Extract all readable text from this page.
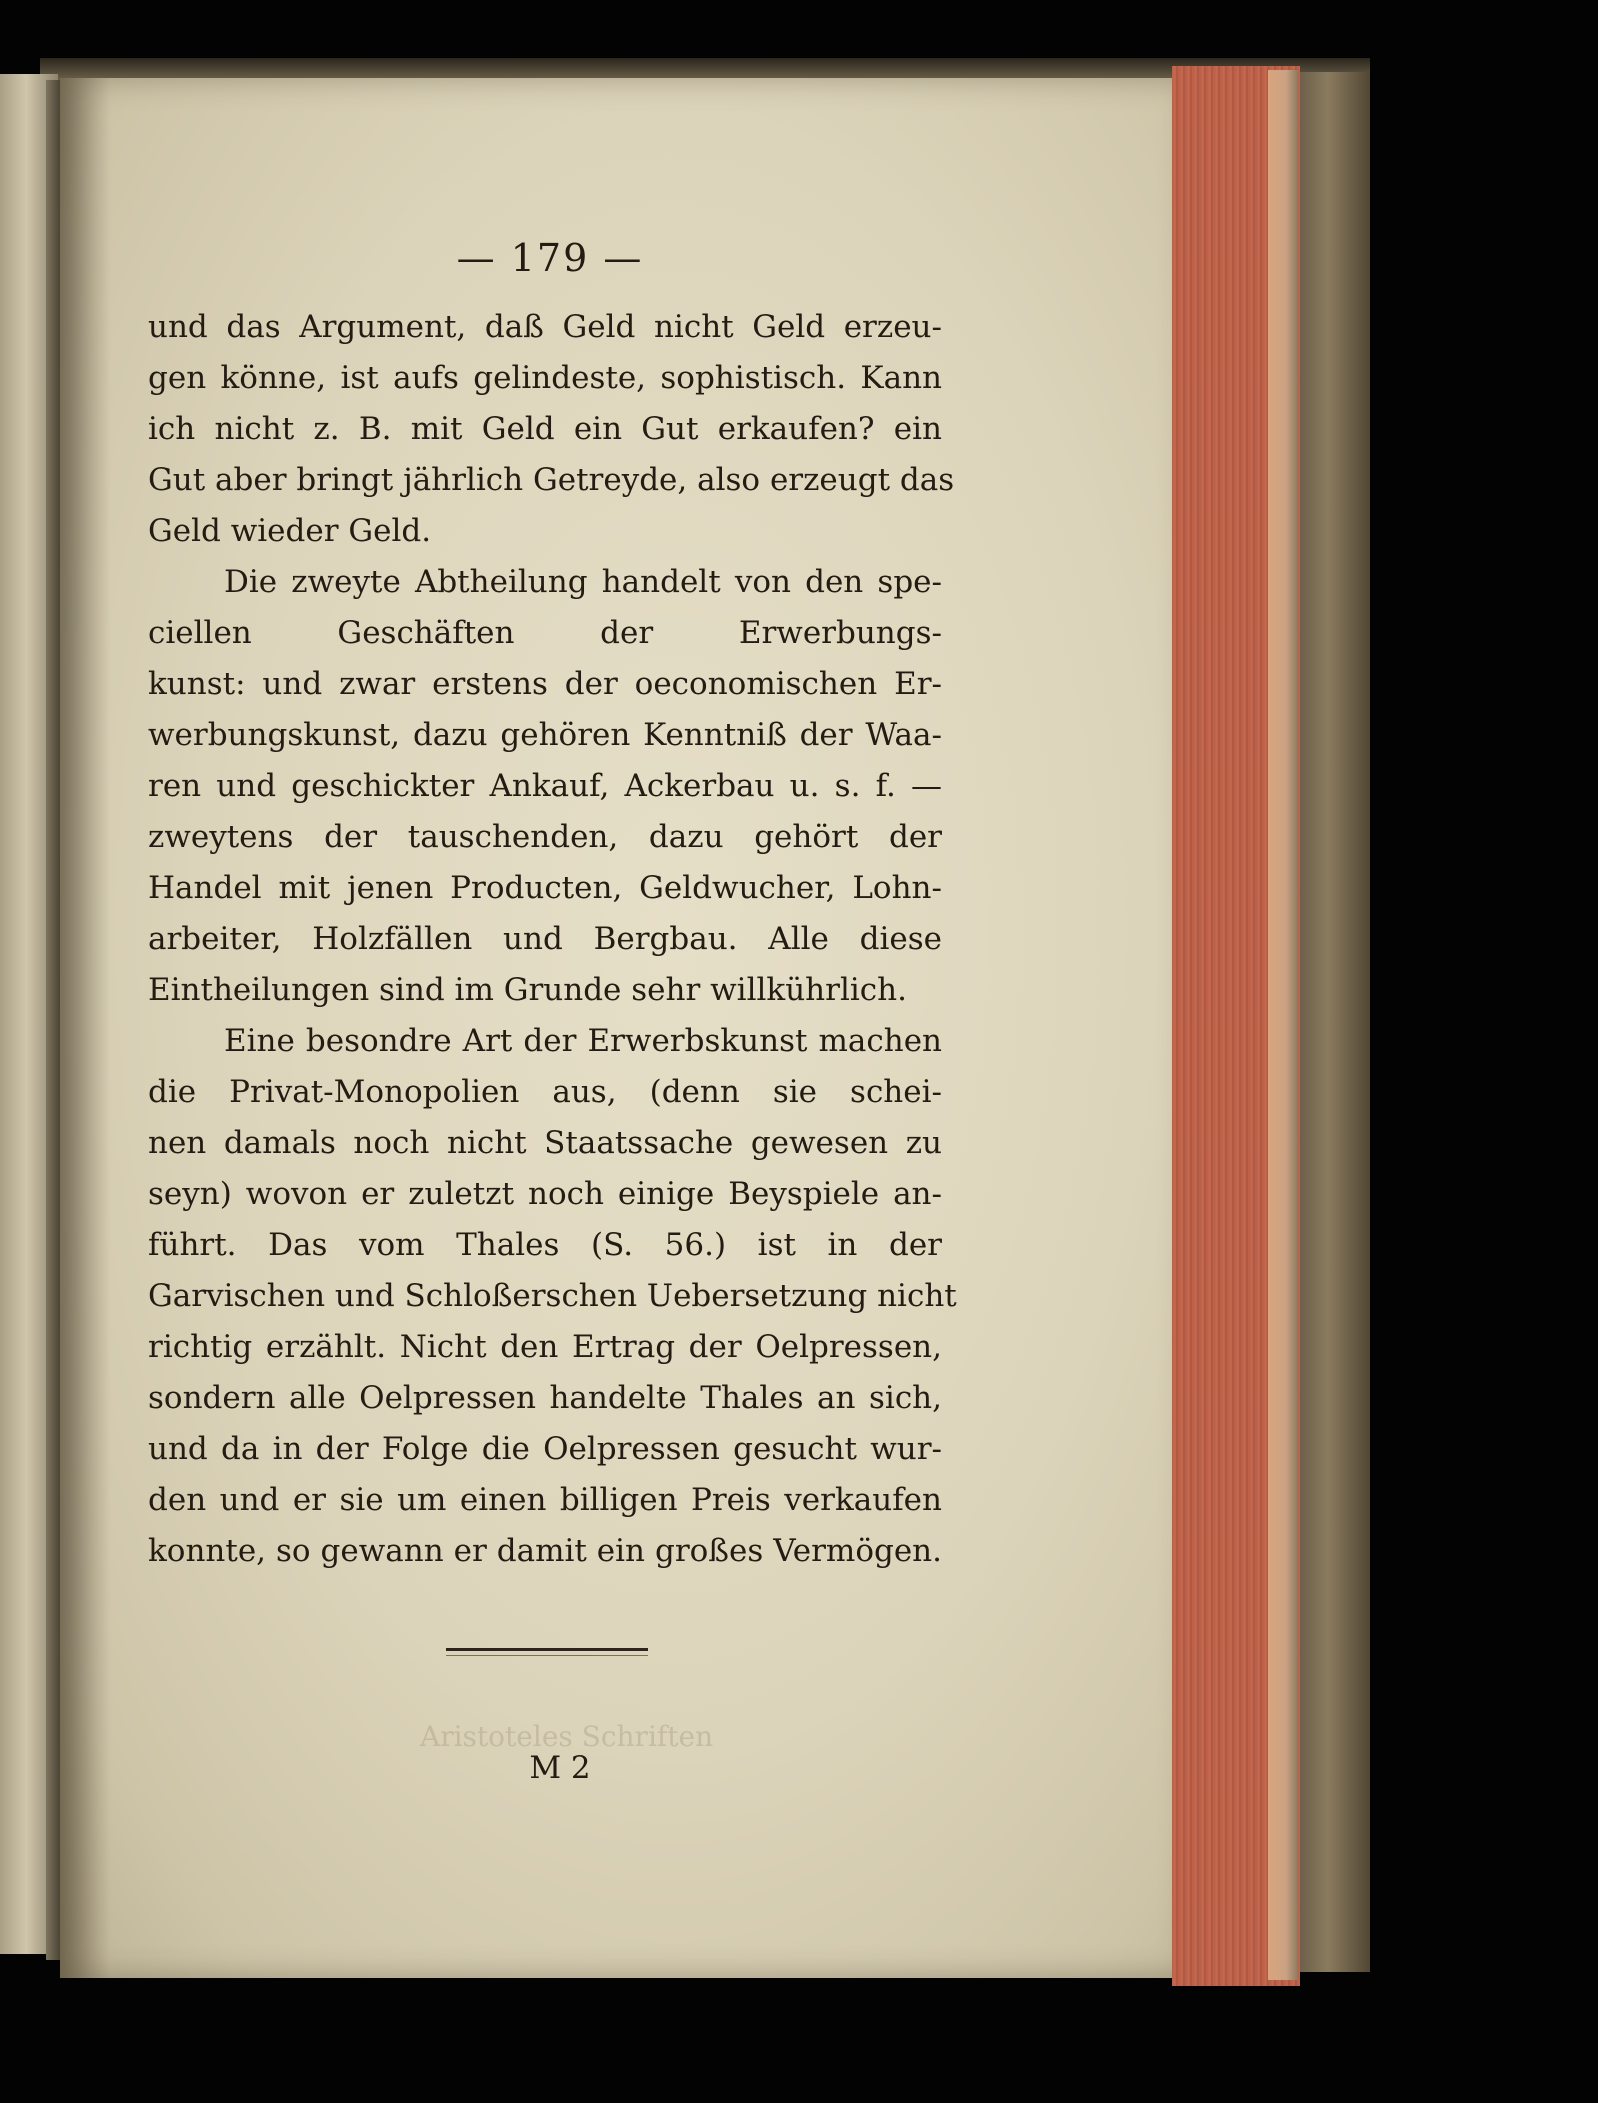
— 179 —
und das Argument, daß Geld nicht Geld erzeu-
gen könne, ist aufs gelindeste, sophistisch. Kann
ich nicht z. B. mit Geld ein Gut erkaufen? ein
Gut aber bringt jährlich Getreyde, also erzeugt das
Geld wieder Geld.
Die zweyte Abtheilung handelt von den spe-
ciellen Geschäften der Erwerbungs-
kunst: und zwar erstens der oeconomischen Er-
werbungskunst, dazu gehören Kenntniß der Waa-
ren und geschickter Ankauf, Ackerbau u. s. f. —
zweytens der tauschenden, dazu gehört der
Handel mit jenen Producten, Geldwucher, Lohn-
arbeiter, Holzfällen und Bergbau. Alle diese
Eintheilungen sind im Grunde sehr willkührlich.
Eine besondre Art der Erwerbskunst machen
die Privat-Monopolien aus, (denn sie schei-
nen damals noch nicht Staatssache gewesen zu
seyn) wovon er zuletzt noch einige Beyspiele an-
führt. Das vom Thales (S. 56.) ist in der
Garvischen und Schloßerschen Uebersetzung nicht
richtig erzählt. Nicht den Ertrag der Oelpressen,
sondern alle Oelpressen handelte Thales an sich,
und da in der Folge die Oelpressen gesucht wur-
den und er sie um einen billigen Preis verkaufen
konnte, so gewann er damit ein großes Vermögen.
Aristoteles Schriften
M 2
